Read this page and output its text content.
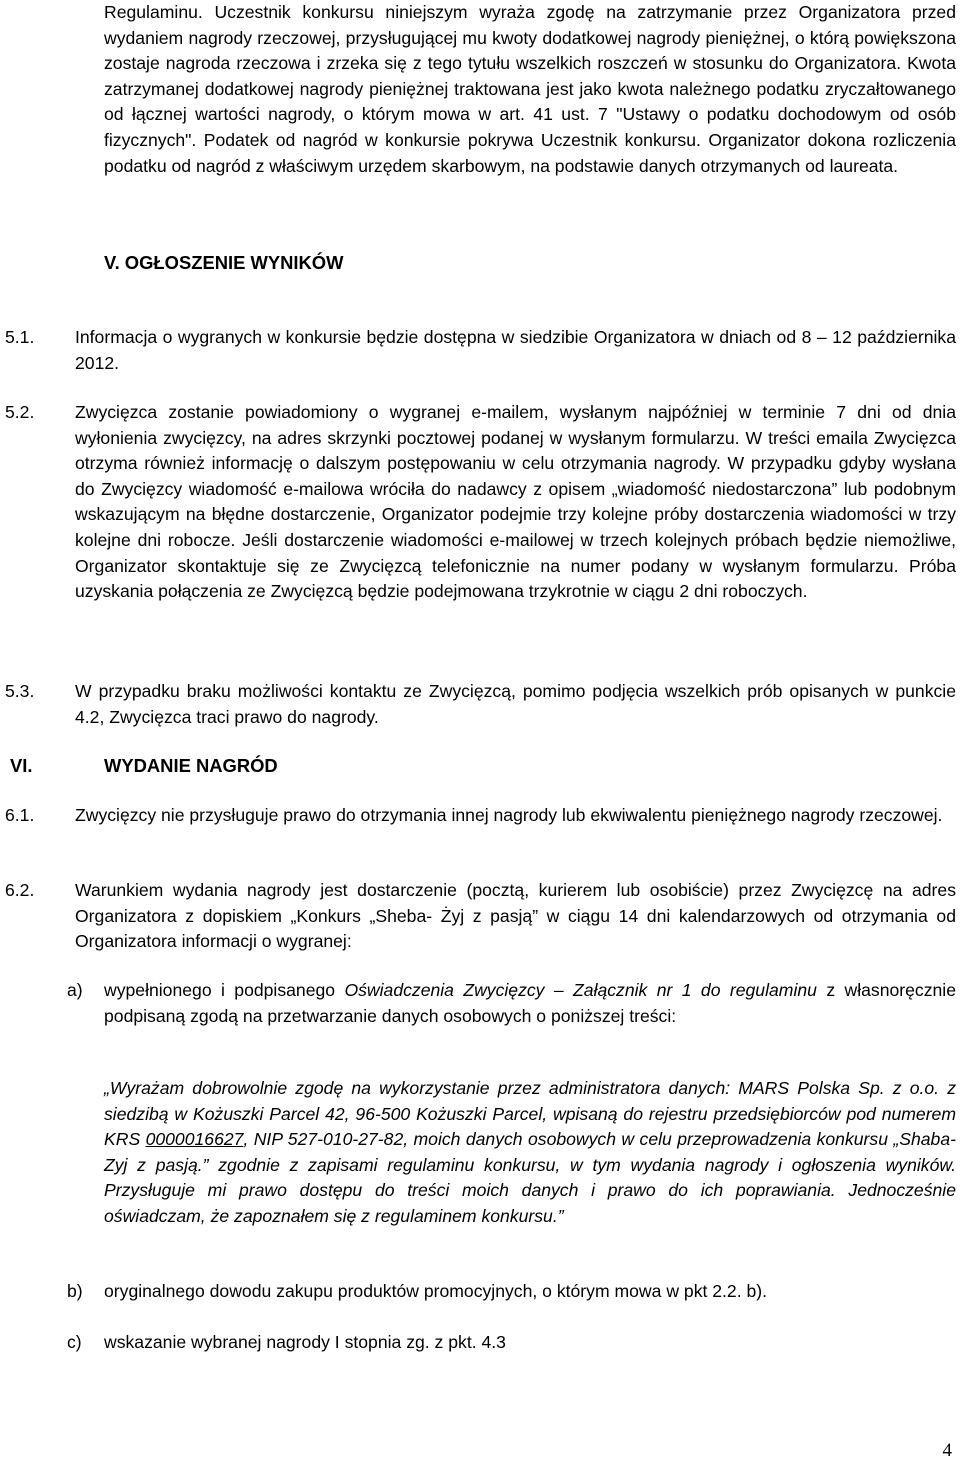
Regulaminu. Uczestnik konkursu niniejszym wyraża zgodę na zatrzymanie przez Organizatora przed wydaniem nagrody rzeczowej, przysługującej mu kwoty dodatkowej nagrody pieniężnej, o którą powiększona zostaje nagroda rzeczowa i zrzeka się z tego tytułu wszelkich roszczeń w stosunku do Organizatora. Kwota zatrzymanej dodatkowej nagrody pieniężnej traktowana jest jako kwota należnego podatku zryczałtowanego od łącznej wartości nagrody, o którym mowa w art. 41 ust. 7 "Ustawy o podatku dochodowym od osób fizycznych". Podatek od nagród w konkursie pokrywa Uczestnik konkursu. Organizator dokona rozliczenia podatku od nagród z właściwym urzędem skarbowym, na podstawie danych otrzymanych od laureata.
V. OGŁOSZENIE WYNIKÓW
5.1. Informacja o wygranych w konkursie będzie dostępna w siedzibie Organizatora w dniach od 8 – 12 października 2012.
5.2. Zwycięzca zostanie powiadomiony o wygranej e-mailem, wysłanym najpóźniej w terminie 7 dni od dnia wyłonienia zwycięzcy, na adres skrzynki pocztowej podanej w wysłanym formularzu. W treści emaila Zwycięzca otrzyma również informację o dalszym postępowaniu w celu otrzymania nagrody. W przypadku gdyby wysłana do Zwycięzcy wiadomość e-mailowa wróciła do nadawcy z opisem „wiadomość niedostarczona” lub podobnym wskazującym na błędne dostarczenie, Organizator podejmie trzy kolejne próby dostarczenia wiadomości w trzy kolejne dni robocze. Jeśli dostarczenie wiadomości e-mailowej w trzech kolejnych próbach będzie niemożliwe, Organizator skontaktuje się ze Zwycięzcą telefonicznie na numer podany w wysłanym formularzu. Próba uzyskania połączenia ze Zwycięzcą będzie podejmowana trzykrotnie w ciągu 2 dni roboczych.
5.3. W przypadku braku możliwości kontaktu ze Zwycięzcą, pomimo podjęcia wszelkich prób opisanych w punkcie 4.2, Zwycięzca traci prawo do nagrody.
VI.	WYDANIE NAGRÓD
6.1. Zwycięzcy nie przysługuje prawo do otrzymania innej nagrody lub ekwiwalentu pieniężnego nagrody rzeczowej.
6.2. Warunkiem wydania nagrody jest dostarczenie (pocztą, kurierem lub osobiście) przez Zwycięzcę na adres Organizatora z dopiskiem „Konkurs „Sheba- Żyj z pasją” w ciągu 14 dni kalendarzowych od otrzymania od Organizatora informacji o wygranej:
a) wypełnionego i podpisanego Oświadczenia Zwycięzcy – Załącznik nr 1 do regulaminu z własnoręcznie podpisaną zgodą na przetwarzanie danych osobowych o poniższej treści:
„Wyrażam dobrowolnie zgodę na wykorzystanie przez administratora danych: MARS Polska Sp. z o.o. z siedzibą w Kożuszki Parcel 42, 96-500 Kożuszki Parcel, wpisaną do rejestru przedsiębiorców pod numerem KRS 0000016627, NIP 527-010-27-82, moich danych osobowych w celu przeprowadzenia konkursu „Shaba-Zyj z pasją.” zgodnie z zapisami regulaminu konkursu, w tym wydania nagrody i ogłoszenia wyników. Przysługuje mi prawo dostępu do treści moich danych i prawo do ich poprawiania. Jednocześnie oświadczam, że zapoznałem się z regulaminem konkursu.”
b) oryginalnego dowodu zakupu produktów promocyjnych, o którym mowa w pkt 2.2. b).
c) wskazanie wybranej nagrody I stopnia zg. z pkt. 4.3
4
